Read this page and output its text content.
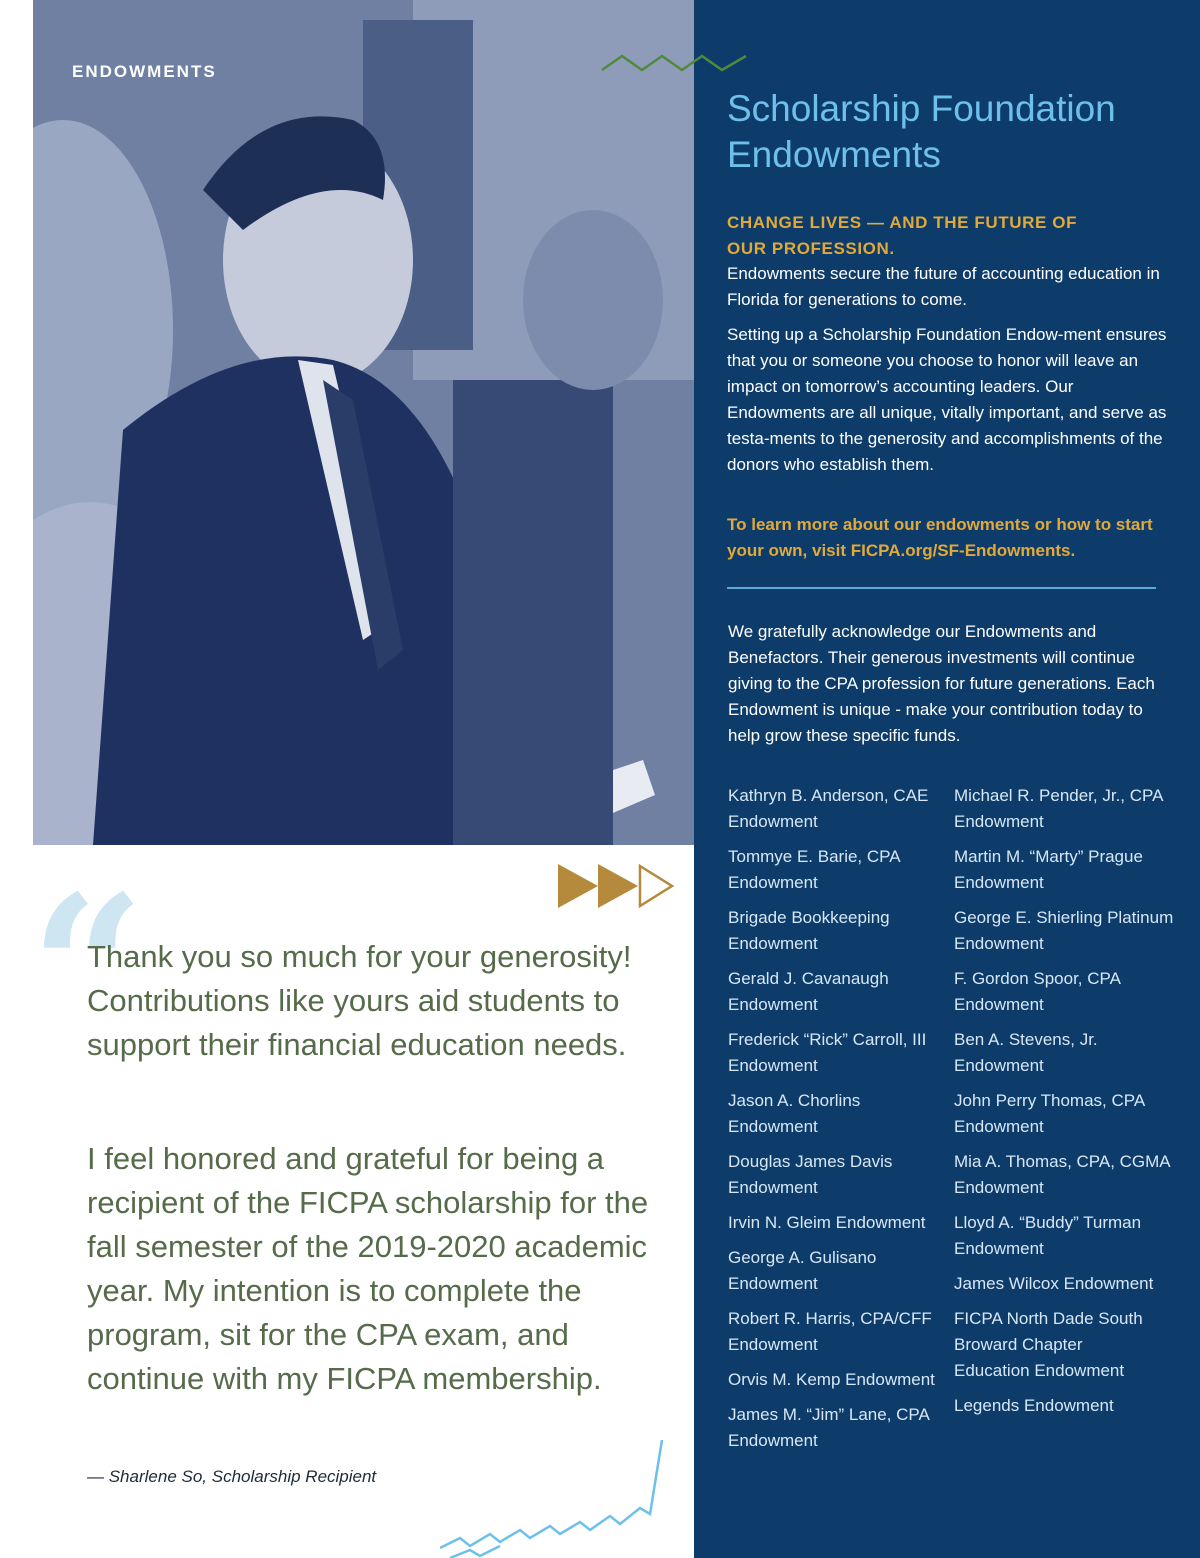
ENDOWMENTS
Scholarship Foundation
Endowments
CHANGE LIVES — AND THE FUTURE OF
OUR PROFESSION.

Endowments secure the future of accounting education in Florida for generations to come.

Setting up a Scholarship Foundation Endow-ment ensures that you or someone you choose to honor will leave an impact on tomorrow’s accounting leaders. Our Endowments are all unique, vitally important, and serve as testa-ments to the generosity and accomplishments of the donors who establish them.

To learn more about our endowments or how to start your own, visit FICPA.org/SF-Endowments.

We gratefully acknowledge our Endowments and Benefactors. Their generous investments will continue giving to the CPA profession for future generations. Each Endowment is unique - make your contribution today to help grow these specific funds.

Kathryn B. Anderson, CAE Endowment
Tommye E. Barie, CPA Endowment
Brigade Bookkeeping Endowment
Gerald J. Cavanaugh Endowment
Frederick “Rick” Carroll, III Endowment
Jason A. Chorlins Endowment
Douglas James Davis Endowment
Irvin N. Gleim Endowment
George A. Gulisano Endowment
Robert R. Harris, CPA/CFF Endowment
Orvis M. Kemp Endowment
James M. “Jim” Lane, CPA Endowment
Michael R. Pender, Jr., CPA Endowment
Martin M. “Marty” Prague Endowment
George E. Shierling Platinum Endowment
F. Gordon Spoor, CPA Endowment
Ben A. Stevens, Jr. Endowment
John Perry Thomas, CPA Endowment
Mia A. Thomas, CPA, CGMA Endowment
Lloyd A. “Buddy” Turman Endowment
James Wilcox Endowment
FICPA North Dade South Broward Chapter Education Endowment
Legends Endowment
“

Thank you so much for your generosity! Contributions like yours aid students to support their financial education needs.

I feel honored and grateful for being a recipient of the FICPA scholarship for the fall semester of the 2019-2020 academic year. My intention is to complete the program, sit for the CPA exam, and continue with my FICPA membership.

— Sharlene So, Scholarship Recipient
